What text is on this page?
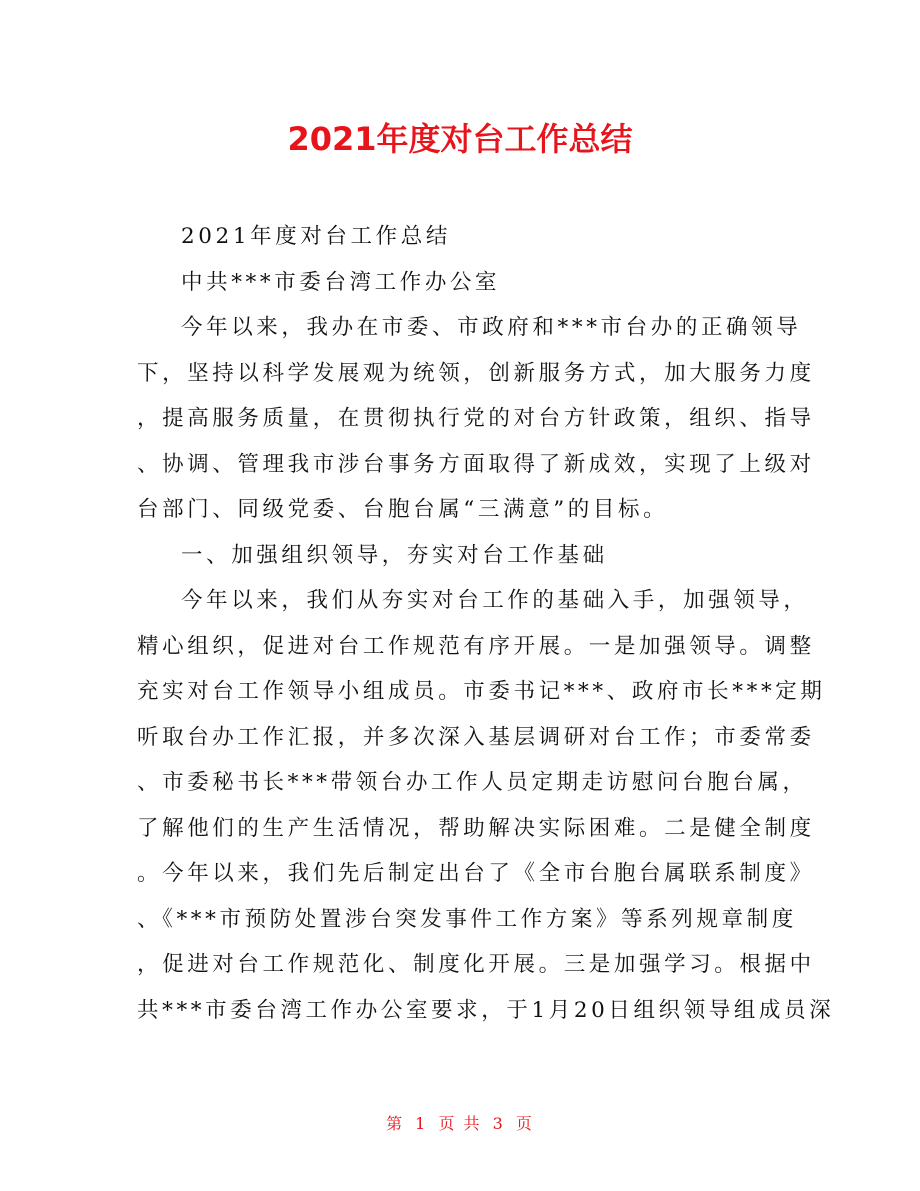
2021年度对台工作总结
2021年度对台工作总结
中共***市委台湾工作办公室
今年以来，我办在市委、市政府和***市台办的正确领导
下，坚持以科学发展观为统领，创新服务方式，加大服务力度
，提高服务质量，在贯彻执行党的对台方针政策，组织、指导
、协调、管理我市涉台事务方面取得了新成效，实现了上级对
台部门、同级党委、台胞台属“三满意”的目标。
一、加强组织领导，夯实对台工作基础
今年以来，我们从夯实对台工作的基础入手，加强领导，
精心组织，促进对台工作规范有序开展。一是加强领导。调整
充实对台工作领导小组成员。市委书记***、政府市长***定期
听取台办工作汇报，并多次深入基层调研对台工作；市委常委
、市委秘书长***带领台办工作人员定期走访慰问台胞台属，
了解他们的生产生活情况，帮助解决实际困难。二是健全制度
。今年以来，我们先后制定出台了《全市台胞台属联系制度》
、《***市预防处置涉台突发事件工作方案》等系列规章制度
，促进对台工作规范化、制度化开展。三是加强学习。根据中
共***市委台湾工作办公室要求，于1月20日组织领导组成员深
第 1 页 共 3 页
